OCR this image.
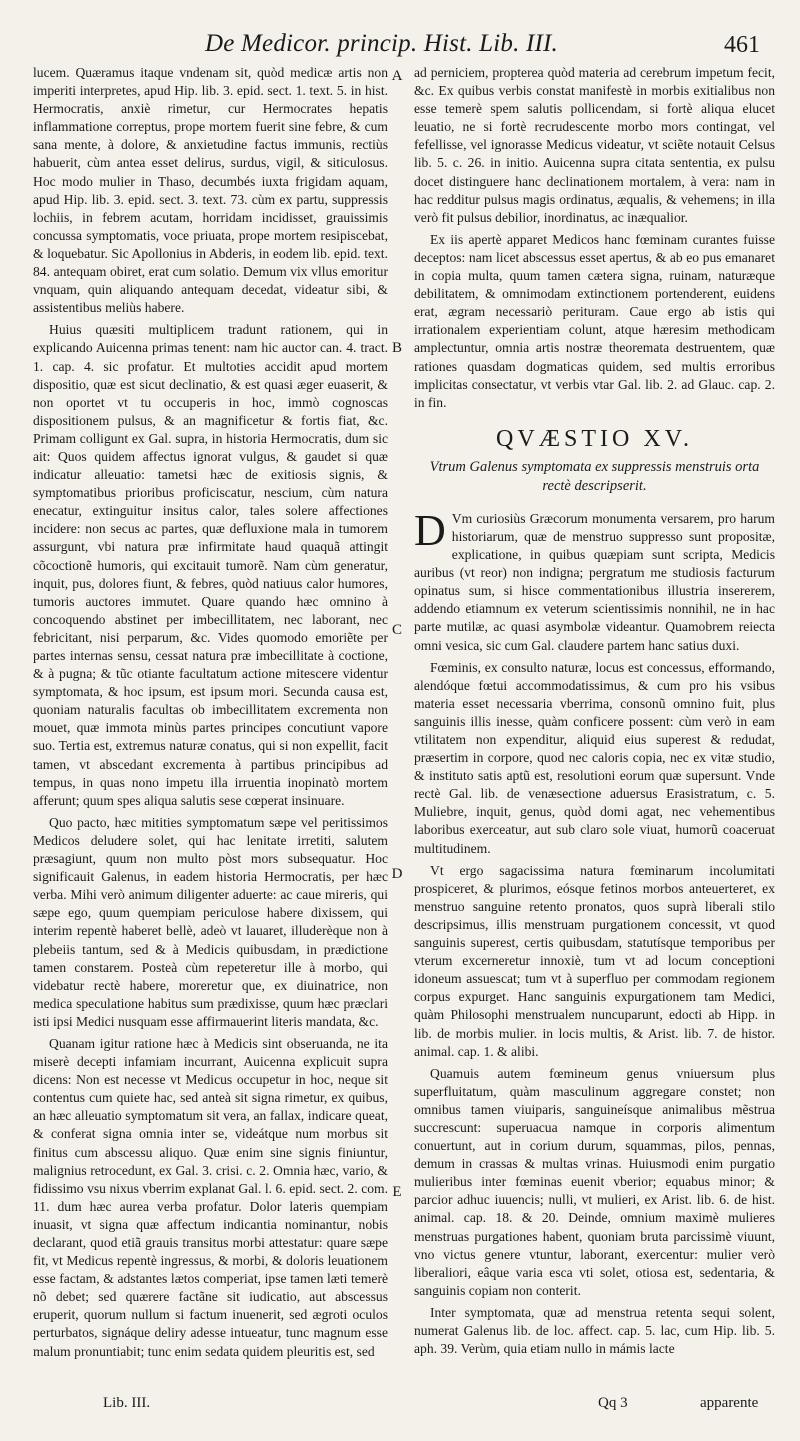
De Medicor. princip. Hist. Lib. III.	461

lucem. Quæramus itaque vndenam sit, quòd medicæ artis non imperiti interpretes, apud Hip. lib. 3. epid. sect. 1. text. 5. in hist. Hermocratis, anxiè rimetur, cur Hermocrates hepatis inflammatione correptus, prope mortem fuerit sine febre, & cum sana mente, à dolore, & anxietudine factus immunis, rectiùs habuerit, cùm antea esset delirus, surdus, vigil, & siticulosus. Hoc modo mulier in Thaso, decumbés iuxta frigidam aquam, apud Hip. lib. 3. epid. sect. 3. text. 73. cùm ex partu, suppressis lochiis, in febrem acutam, horridam incidisset, grauissimis concussa symptomatis, voce priuata, prope mortem resipiscebat, & loquebatur. Sic Apollonius in Abderis, in eodem lib. epid. text. 84. antequam obiret, erat cum solatio. Demum vix vllus emoritur vnquam, quin aliquando antequam decedat, videatur sibi, & assistentibus meliùs habere.

Huius quæsiti multiplicem tradunt rationem, qui in explicando Auicenna primas tenent: nam hic auctor can. 4. tract. 1. cap. 4. sic profatur. Et multoties accidit apud mortem dispositio, quæ est sicut declinatio, & est quasi æger euaserit, & non oportet vt tu occuperis in hoc, immò cognoscas dispositionem pulsus, & an magnificetur & fortis fiat, &c. Primam colligunt ex Gal. supra, in historia Hermocratis, dum sic ait: Quos quidem affectus ignorat vulgus, & gaudet si quæ indicatur alleuatio: tametsi hæc de exitiosis signis, & symptomatibus prioribus proficiscatur, nescium, cùm natura enecatur, extinguitur insitus calor, tales solere affectiones incidere: non secus ac partes, quæ defluxione mala in tumorem assurgunt, vbi natura præ infirmitate haud quaquã attingit cõcoctionẽ humoris, qui excitauit tumorẽ. Nam cùm generatur, inquit, pus, dolores fiunt, & febres, quòd natiuus calor humores, tumoris auctores immutet. Quare quando hæc omnino à concoquendo abstinet per imbecillitatem, nec laborant, nec febricitant, nisi perparum, &c. Vides quomodo emoriẽte per partes internas sensu, cessat natura præ imbecillitate à coctione, & à pugna; & tũc otiante facultatum actione mitescere videntur symptomata, & hoc ipsum, est ipsum mori. Secunda causa est, quoniam naturalis facultas ob imbecillitatem excrementa non mouet, quæ immota minùs partes principes concutiunt vapore suo. Tertia est, extremus naturæ conatus, qui si non expellit, facit tamen, vt abscedant excrementa à partibus principibus ad tempus, in quas nono impetu illa irruentia inopinatò mortem afferunt; quum spes aliqua salutis sese cœperat insinuare.

Quo pacto, hæc mitities symptomatum sæpe vel peritissimos Medicos deludere solet, qui hac lenitate irretiti, salutem præsagiunt, quum non multo pòst mors subsequatur. Hoc significauit Galenus, in eadem historia Hermocratis, per hæc verba. Mihi verò animum diligenter aduerte: ac caue mireris, qui sæpe ego, quum quempiam periculose habere dixissem, qui interim repentè haberet bellè, adeò vt lauaret, illuderèque non à plebeiis tantum, sed & à Medicis quibusdam, in prædictione tamen constarem. Posteà cùm repeteretur ille à morbo, qui videbatur rectè habere, moreretur que, ex diuinatrice, non medica speculatione habitus sum prædixisse, quum hæc præclari isti ipsi Medici nusquam esse affirmauerint literis mandata, &c.

Quanam igitur ratione hæc à Medicis sint obseruanda, ne ita miserè decepti infamiam incurrant, Auicenna explicuit supra dicens: Non est necesse vt Medicus occupetur in hoc, neque sit contentus cum quiete hac, sed anteà sit signa rimetur, ex quibus, an hæc alleuatio symptomatum sit vera, an fallax, indicare queat, & conferat signa omnia inter se, videátque num morbus sit finitus cum abscessu aliquo. Quæ enim sine signis finiuntur, malignius retrocedunt, ex Gal. 3. crisi. c. 2. Omnia hæc, vario, & fidissimo vsu nixus vberrim explanat Gal. l. 6. epid. sect. 2. com. 11. dum hæc aurea verba profatur. Dolor lateris quempiam inuasit, vt signa quæ affectum indicantia nominantur, nobis declarant, quod etiã grauis transitus morbi attestatur: quare sæpe fit, vt Medicus repentè ingressus, & morbi, & doloris leuationem esse factam, & adstantes lætos comperiat, ipse tamen læti temerè nõ debet; sed quærere factãne sit iudicatio, aut abscessus eruperit, quorum nullum si factum inuenerit, sed ægroti oculos perturbatos, signáque deliry adesse intueatur, tunc magnum esse malum pronuntiabit; tunc enim sedata quidem pleuritis est, sed

A
B
C
D
E

ad perniciem, propterea quòd materia ad cerebrum impetum fecit, &c. Ex quibus verbis constat manifestè in morbis exitialibus non esse temerè spem salutis pollicendam, si fortè aliqua elucet leuatio, ne si fortè recrudescente morbo mors contingat, vel fefellisse, vel ignorasse Medicus videatur, vt sciẽte notauit Celsus lib. 5. c. 26. in initio. Auicenna supra citata sententia, ex pulsu docet distinguere hanc declinationem mortalem, à vera: nam in hac redditur pulsus magis ordinatus, æqualis, & vehemens; in illa verò fit pulsus debilior, inordinatus, ac inæqualior.

Ex iis apertè apparet Medicos hanc fœminam curantes fuisse deceptos: nam licet abscessus esset apertus, & ab eo pus emanaret in copia multa, quum tamen cætera signa, ruinam, naturæque debilitatem, & omnimodam extinctionem portenderent, euidens erat, ægram necessariò perituram. Caue ergo ab istis qui irrationalem experientiam colunt, atque hæresim methodicam amplectuntur, omnia artis nostræ theoremata destruentem, quæ rationes quasdam dogmaticas quidem, sed multis erroribus implicitas consectatur, vt verbis vtar Gal. lib. 2. ad Glauc. cap. 2. in fin.

QVÆSTIO XV.
Vtrum Galenus symptomata ex suppressis menstruis orta rectè descripserit.

D Vm curiosiùs Græcorum monumenta versarem, pro harum historiarum, quæ de menstruo suppresso sunt propositæ, explicatione, in quibus quæpiam sunt scripta, Medicis auribus (vt reor) non indigna; pergratum me studiosis facturum opinatus sum, si hisce commentationibus illustria insererem, addendo etiamnum ex veterum scientissimis nonnihil, ne in hac parte mutilæ, ac quasi asymbolæ videantur. Quamobrem reiecta omni vesica, sic cum Gal. claudere partem hanc satius duxi.

Fœminis, ex consulto naturæ, locus est concessus, efformando, alendóque fœtui accommodatissimus, & cum pro his vsibus materia esset necessaria vberrima, consonũ omnino fuit, plus sanguinis illis inesse, quàm conficere possent: cùm verò in eam vtilitatem non expenditur, aliquid eius superest & redudat, præsertim in corpore, quod nec caloris copia, nec ex vitæ studio, & instituto satis aptũ est, resolutioni eorum quæ supersunt. Vnde rectè Gal. lib. de venæsectione aduersus Erasistratum, c. 5. Muliebre, inquit, genus, quòd domi agat, nec vehementibus laboribus exerceatur, aut sub claro sole viuat, humorũ coaceruat multitudinem.

Vt ergo sagacissima natura fœminarum incolumitati prospiceret, & plurimos, eósque fetinos morbos anteuerteret, ex menstruo sanguine retento pronatos, quos suprà liberali stilo descripsimus, illis menstruam purgationem concessit, vt quod sanguinis superest, certis quibusdam, statutísque temporibus per vterum excerneretur innoxiè, tum vt ad locum conceptioni idoneum assuescat; tum vt à superfluo per commodam regionem corpus expurget. Hanc sanguinis expurgationem tam Medici, quàm Philosophi menstrualem nuncuparunt, edocti ab Hipp. in lib. de morbis mulier. in locis multis, & Arist. lib. 7. de histor. animal. cap. 1. & alibi.

Quamuis autem fœmineum genus vniuersum plus superfluitatum, quàm masculinum aggregare constet; non omnibus tamen viuiparis, sanguineísque animalibus mẽstrua succrescunt: superuacua namque in corporis alimentum conuertunt, aut in corium durum, squammas, pilos, pennas, demum in crassas & multas vrinas. Huiusmodi enim purgatio mulieribus inter fœminas euenit vberior; equabus minor; & parcior adhuc iuuencis; nulli, vt mulieri, ex Arist. lib. 6. de hist. animal. cap. 18. & 20. Deinde, omnium maximè mulieres menstruas purgationes habent, quoniam bruta parcissimè viuunt, vno victus genere vtuntur, laborant, exercentur: mulier verò liberaliori, eâque varia esca vti solet, otiosa est, sedentaria, & sanguinis copiam non conterit.

Inter symptomata, quæ ad menstrua retenta sequi solent, numerat Galenus lib. de loc. affect. cap. 5. lac, cum Hip. lib. 5. aph. 39. Verùm, quia etiam nullo in mámis lacte

Lib. III.	Qq 3	apparente
